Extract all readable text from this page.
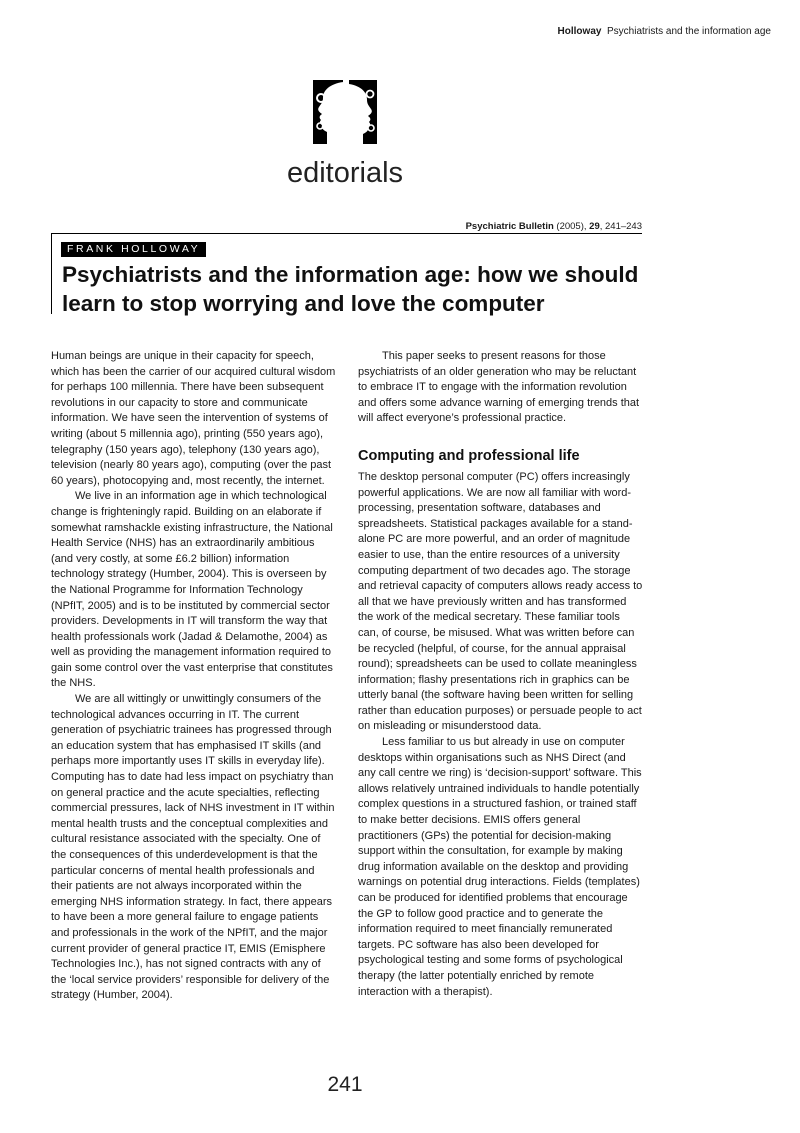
Holloway Psychiatrists and the information age
editorials
Psychiatric Bulletin (2005), 29, 241–243
FRANK HOLLOWAY
Psychiatrists and the information age: how we should
learn to stop worrying and love the computer

Human beings are unique in their capacity for speech, which has been the carrier of our acquired cultural wisdom for perhaps 100 millennia. There have been subsequent revolutions in our capacity to store and communicate information. We have seen the intervention of systems of writing (about 5 millennia ago), printing (550 years ago), telegraphy (150 years ago), telephony (130 years ago), television (nearly 80 years ago), computing (over the past 60 years), photocopying and, most recently, the internet.

We live in an information age in which technological change is frighteningly rapid. Building on an elaborate if somewhat ramshackle existing infrastructure, the National Health Service (NHS) has an extraordinarily ambitious (and very costly, at some £6.2 billion) information technology strategy (Humber, 2004). This is overseen by the National Programme for Information Technology (NPfIT, 2005) and is to be instituted by commercial sector providers. Developments in IT will transform the way that health professionals work (Jadad & Delamothe, 2004) as well as providing the management information required to gain some control over the vast enterprise that constitutes the NHS.

We are all wittingly or unwittingly consumers of the technological advances occurring in IT. The current generation of psychiatric trainees has progressed through an education system that has emphasised IT skills (and perhaps more importantly uses IT skills in everyday life). Computing has to date had less impact on psychiatry than on general practice and the acute specialties, reflecting commercial pressures, lack of NHS investment in IT within mental health trusts and the conceptual complexities and cultural resistance associated with the specialty. One of the consequences of this underdevelopment is that the particular concerns of mental health professionals and their patients are not always incorporated within the emerging NHS information strategy. In fact, there appears to have been a more general failure to engage patients and professionals in the work of the NPfIT, and the major current provider of general practice IT, EMIS (Emisphere Technologies Inc.), has not signed contracts with any of the ‘local service providers’ responsible for delivery of the strategy (Humber, 2004).

This paper seeks to present reasons for those psychiatrists of an older generation who may be reluctant to embrace IT to engage with the information revolution and offers some advance warning of emerging trends that will affect everyone’s professional practice.

Computing and professional life

The desktop personal computer (PC) offers increasingly powerful applications. We are now all familiar with word-processing, presentation software, databases and spreadsheets. Statistical packages available for a stand-alone PC are more powerful, and an order of magnitude easier to use, than the entire resources of a university computing department of two decades ago. The storage and retrieval capacity of computers allows ready access to all that we have previously written and has transformed the work of the medical secretary. These familiar tools can, of course, be misused. What was written before can be recycled (helpful, of course, for the annual appraisal round); spreadsheets can be used to collate meaningless information; flashy presentations rich in graphics can be utterly banal (the software having been written for selling rather than education purposes) or persuade people to act on misleading or misunderstood data.

Less familiar to us but already in use on computer desktops within organisations such as NHS Direct (and any call centre we ring) is ‘decision-support’ software. This allows relatively untrained individuals to handle potentially complex questions in a structured fashion, or trained staff to make better decisions. EMIS offers general practitioners (GPs) the potential for decision-making support within the consultation, for example by making drug information available on the desktop and providing warnings on potential drug interactions. Fields (templates) can be produced for identified problems that encourage the GP to follow good practice and to generate the information required to meet financially remunerated targets. PC software has also been developed for psychological testing and some forms of psychological therapy (the latter potentially enriched by remote interaction with a therapist).

241
